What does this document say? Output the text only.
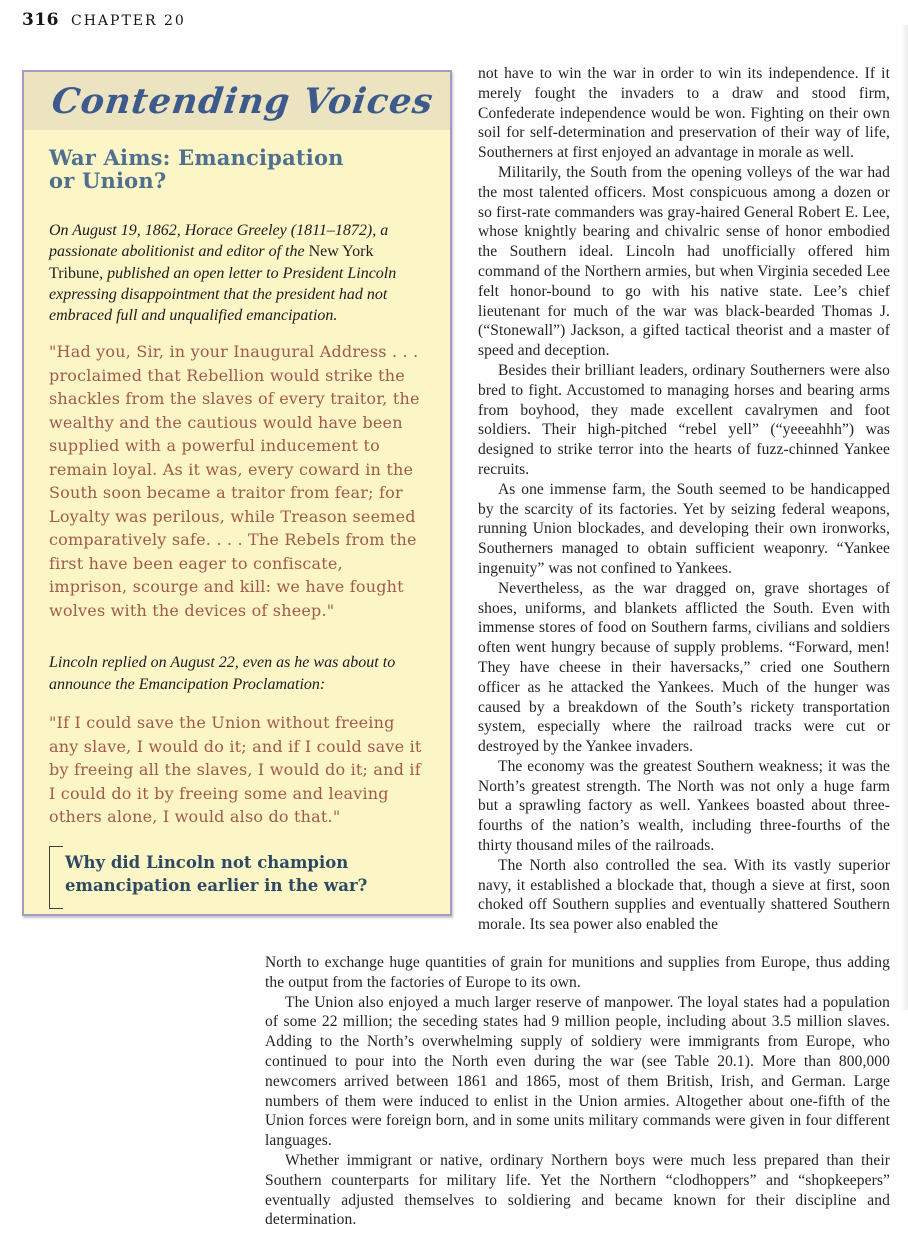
316 CHAPTER 20
Contending Voices
War Aims: Emancipation
or Union?

On August 19, 1862, Horace Greeley (1811–1872), a passionate abolitionist and editor of the New York Tribune, published an open letter to President Lincoln expressing disappointment that the president had not embraced full and unqualified emancipation.

"Had you, Sir, in your Inaugural Address . . . proclaimed that Rebellion would strike the shackles from the slaves of every traitor, the wealthy and the cautious would have been supplied with a powerful inducement to remain loyal. As it was, every coward in the South soon became a traitor from fear; for Loyalty was perilous, while Treason seemed comparatively safe. . . . The Rebels from the first have been eager to confiscate, imprison, scourge and kill: we have fought wolves with the devices of sheep."

Lincoln replied on August 22, even as he was about to announce the Emancipation Proclamation:

"If I could save the Union without freeing any slave, I would do it; and if I could save it by freeing all the slaves, I would do it; and if I could do it by freeing some and leaving others alone, I would also do that."

Why did Lincoln not champion emancipation earlier in the war?

not have to win the war in order to win its independence. If it merely fought the invaders to a draw and stood firm, Confederate independence would be won. Fighting on their own soil for self-determination and preservation of their way of life, Southerners at first enjoyed an advantage in morale as well.

Militarily, the South from the opening volleys of the war had the most talented officers. Most conspicuous among a dozen or so first-rate commanders was gray-haired General Robert E. Lee, whose knightly bearing and chivalric sense of honor embodied the Southern ideal. Lincoln had unofficially offered him command of the Northern armies, but when Virginia seceded Lee felt honor-bound to go with his native state. Lee’s chief lieutenant for much of the war was black-bearded Thomas J. (“Stonewall”) Jackson, a gifted tactical theorist and a master of speed and deception.

Besides their brilliant leaders, ordinary Southerners were also bred to fight. Accustomed to managing horses and bearing arms from boyhood, they made excellent cavalrymen and foot soldiers. Their high-pitched “rebel yell” (“yeeeahhh”) was designed to strike terror into the hearts of fuzz-chinned Yankee recruits.

As one immense farm, the South seemed to be handicapped by the scarcity of its factories. Yet by seizing federal weapons, running Union blockades, and developing their own ironworks, Southerners managed to obtain sufficient weaponry. “Yankee ingenuity” was not confined to Yankees.

Nevertheless, as the war dragged on, grave shortages of shoes, uniforms, and blankets afflicted the South. Even with immense stores of food on Southern farms, civilians and soldiers often went hungry because of supply problems. “Forward, men! They have cheese in their haversacks,” cried one Southern officer as he attacked the Yankees. Much of the hunger was caused by a breakdown of the South’s rickety transportation system, especially where the railroad tracks were cut or destroyed by the Yankee invaders.

The economy was the greatest Southern weakness; it was the North’s greatest strength. The North was not only a huge farm but a sprawling factory as well. Yankees boasted about three-fourths of the nation’s wealth, including three-fourths of the thirty thousand miles of the railroads.

The North also controlled the sea. With its vastly superior navy, it established a blockade that, though a sieve at first, soon choked off Southern supplies and eventually shattered Southern morale. Its sea power also enabled the

North to exchange huge quantities of grain for munitions and supplies from Europe, thus adding the output from the factories of Europe to its own.

The Union also enjoyed a much larger reserve of manpower. The loyal states had a population of some 22 million; the seceding states had 9 million people, including about 3.5 million slaves. Adding to the North’s overwhelming supply of soldiery were immigrants from Europe, who continued to pour into the North even during the war (see Table 20.1). More than 800,000 newcomers arrived between 1861 and 1865, most of them British, Irish, and German. Large numbers of them were induced to enlist in the Union armies. Altogether about one-fifth of the Union forces were foreign born, and in some units military commands were given in four different languages.

Whether immigrant or native, ordinary Northern boys were much less prepared than their Southern counterparts for military life. Yet the Northern “clodhoppers” and “shopkeepers” eventually adjusted themselves to soldiering and became known for their discipline and determination.
